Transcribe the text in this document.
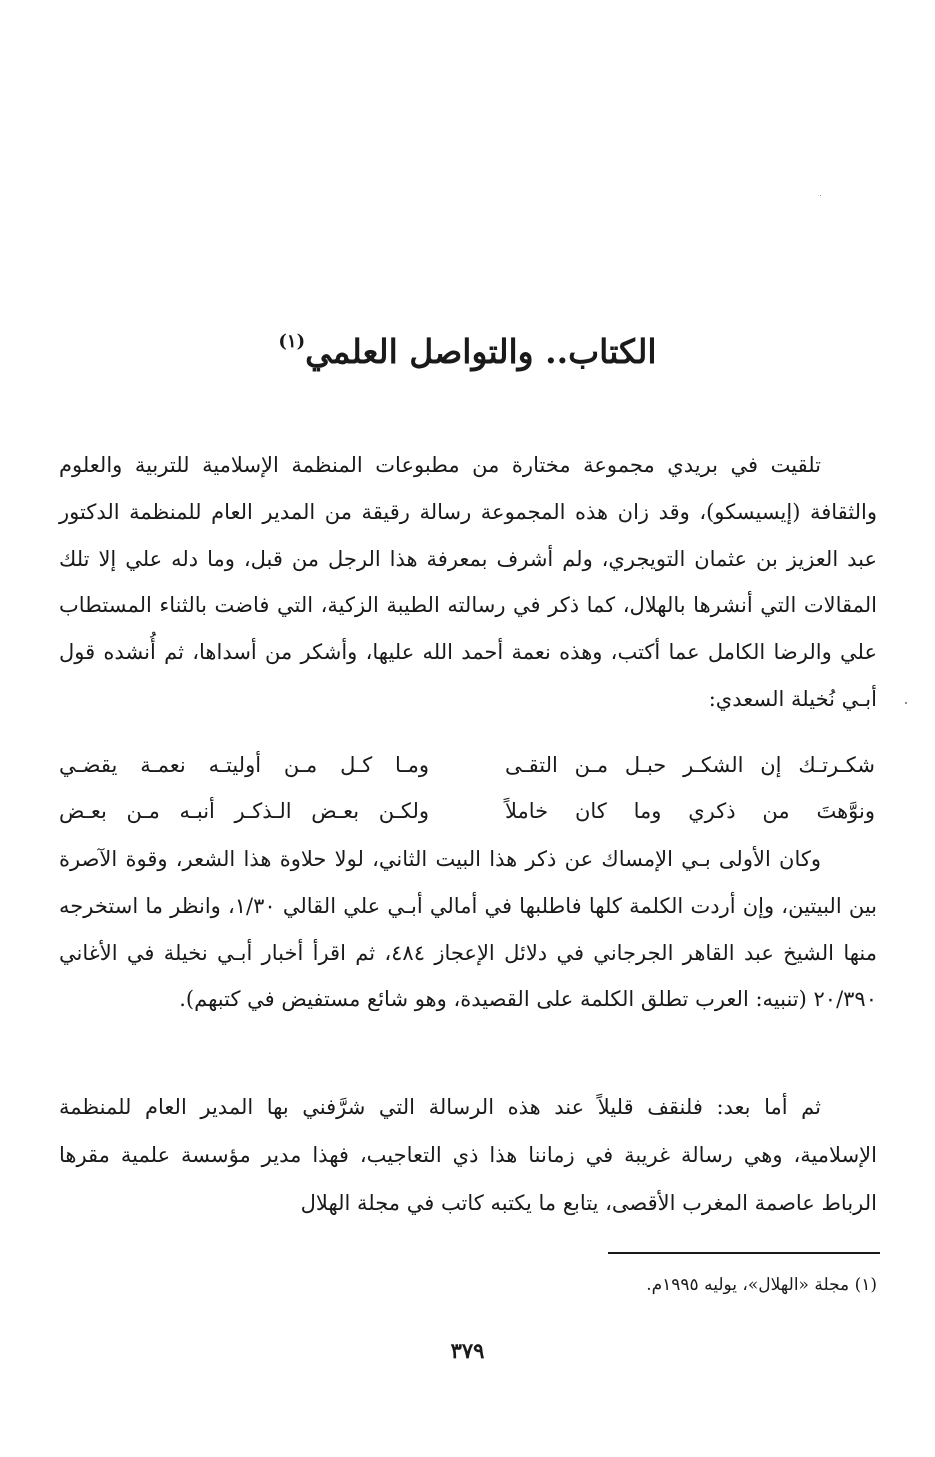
الكتاب.. والتواصل العلمي$^{(١)}$

تلقيت في بريدي مجموعة مختارة من مطبوعات المنظمة الإسلامية للتربية والعلوم والثقافة (إيسيسكو)، وقد زان هذه المجموعة رسالة رقيقة من المدير العام للمنظمة الدكتور عبد العزيز بن عثمان التويجري، ولم أشرف بمعرفة هذا الرجل من قبل، وما دله علي إلا تلك المقالات التي أنشرها بالهلال، كما ذكر في رسالته الطيبة الزكية، التي فاضت بالثناء المستطاب علي والرضا الكامل عما أكتب، وهذه نعمة أحمد الله عليها، وأشكر من أسداها، ثم أُنشده قول أبـي نُخيلة السعدي:

شكـرتـك إن الشكـر حبـل مـن التقـى
ومـا كـل مـن أوليتـه نعمـة يقضـي
ونوَّهتَ من ذكري وما كان خاملاً
ولكـن بعـض الـذكـر أنبـه مـن بعـض

وكان الأولى بـي الإمساك عن ذكر هذا البيت الثاني، لولا حلاوة هذا الشعر، وقوة الآصرة بين البيتين، وإن أردت الكلمة كلها فاطلبها في أمالي أبـي علي القالي ١/٣٠، وانظر ما استخرجه منها الشيخ عبد القاهر الجرجاني في دلائل الإعجاز ٤٨٤، ثم اقرأ أخبار أبـي نخيلة في الأغاني ٢٠/٣٩٠ (تنبيه: العرب تطلق الكلمة على القصيدة، وهو شائع مستفيض في كتبهم).

ثم أما بعد: فلنقف قليلاً عند هذه الرسالة التي شرَّفني بها المدير العام للمنظمة الإسلامية، وهي رسالة غريبة في زماننا هذا ذي التعاجيب، فهذا مدير مؤسسة علمية مقرها الرباط عاصمة المغرب الأقصى، يتابع ما يكتبه كاتب في مجلة الهلال

(١) مجلة «الهلال»، يوليه ١٩٩٥م.
٣٧٩
